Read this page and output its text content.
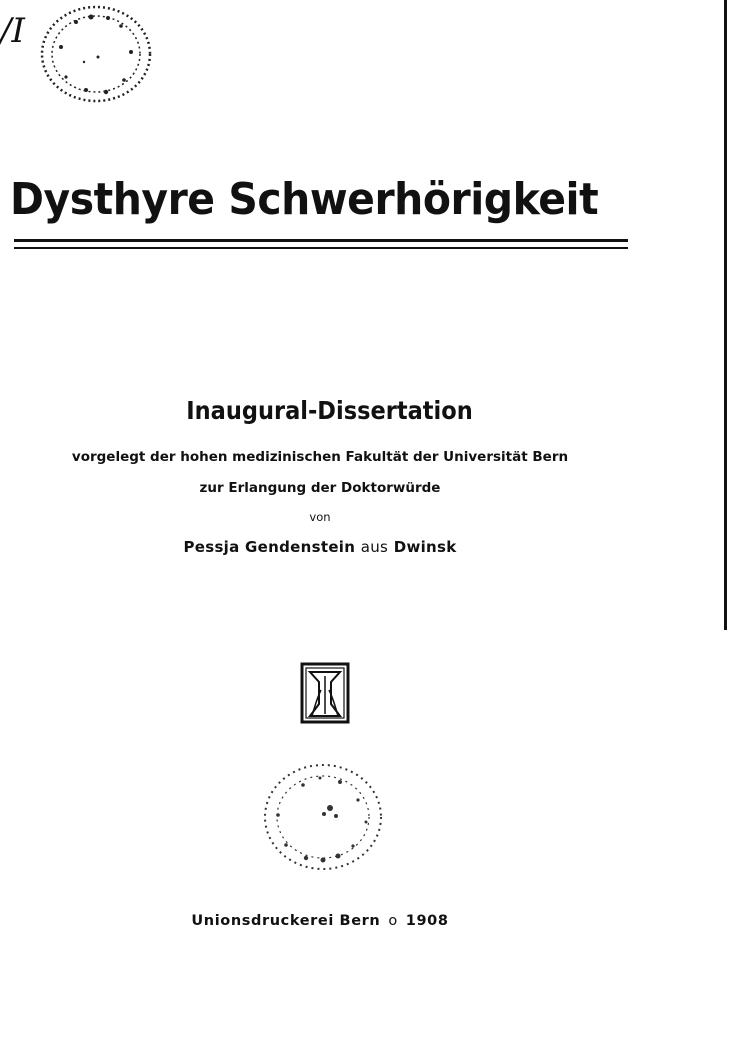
/I
Dysthyre Schwerhörigkeit
Inaugural-Dissertation
vorgelegt der hohen medizinischen Fakultät der Universität Bern
zur Erlangung der Doktorwürde
von
Pessja Gendenstein aus Dwinsk
Unionsdruckerei Bern o 1908
